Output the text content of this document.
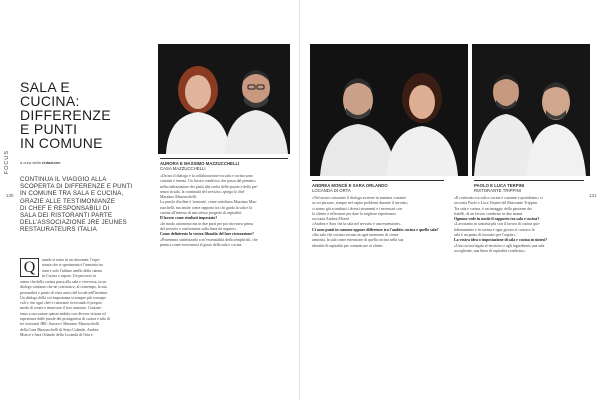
FOCUS
130
SALA E
CUCINA:
DIFFERENZE
E PUNTI
IN COMUNE
a cura della redazione
CONTINUA IL VIAGGIO ALLA
SCOPERTA DI DIFFERENZE E PUNTI
IN COMUNE TRA SALA E CUCINA,
GRAZIE ALLE TESTIMONIANZE
DI CHEF E RESPONSABILI DI
SALA DEI RISTORANTI PARTE
DELL'ASSOCIAZIONE JRE JEUNES
RESTAURATEURS ITALIA
Q	uando si entra in un ristorante, l'espe-
rienza che si sperimenta è l'armonia tra
tanti e solo l'ultimo anello della catena
in Cucina e sapore. Un percorso in
sieme che della cucina passa alla sala e viceversa, in un
dialogo continuo che ne costituisce, al contempo, la sua
personalità e punto di vista unico del locale nell'insieme.
Un dialogo della cui importanza si sempre più consape-
voli e che ogni chef e ristorante ricercando il proprio
modo di creare e rinnovare il loro armonia. Continu-
iamo a raccontare questo ambito con diverse visioni ed
esperienze dalle parole dei protagonisti di cucina e sala di
tre ristoranti JRE: Aurora e Massimo Mazzucchelli
della Casa Mazzucchelli di Sesto Calende, Andrea
Moncé e Sara Orlando della Locanda di Orta e
AURORA E MASSIMO MAZZUCCHELLI
CASA MAZZUCCHELLI
«Da noi il dialogo e la collaborazione tra sala e cucina sono
costanti e intensi. Un lavoro condiviso che passa dal pensiero
nella realizzazione dei piatti alla scelta delle posate e della pre-
senza in sala, la continuità del servizio» spiega lo chef
Massimo Mazzucchelli.
La parola d'ordine è 'armonia', come sottolinea Massimo Maz-
zucchelli, ma anche come rapporto tra chi guida la sala e la
cucina all'interno di uno stesso progetto di ospitalità.
Il lavoro come risultati impostato?
«In modo autonomo ma in due parti per poi ritrovarsi prima
del servizio e confrontarsi sulla linea da seguire».
Come definireste la vostra filosofia del fare ristorazione?
«Potremmo sintetizzarla con 'essenzialità della semplicità', che
punta a come avvicinarsi al gusto della sala e cucina.
131
ANDREA MONCÉ E SARA ORLANDO
LOCANDA DI ORTA
PAOLO E LUCA TERPINI
RISTORANTE TRIPPINI
«Nel nostro ristorante il dialogo avviene in maniera costante
su sei persone, sempre nel capire problemi durante il servizio,
ci siamo già scambiati i dovuti strumenti e i necessari con
la cliente a riflessioni per dare la migliore esperienza»
racconta Andrea Moncé.
«Andrea e Sara che la sala nel servizio è una estensione».
Ci sono punti in comune oppure differenze tra l'ambito cucina e quello sala?
«Sia sala che cucina cercano in ogni momento di creare
armonia, la sala come estensione di quella cucina nella sua
identità di ospitalità per comunicare ai clienti.
«Il confronto tra sala e cucina è costante e quotidiano» ci
racconta Paolo e Luca Terpini del Ristorante Trippini.
Tra sala e cucina, è un omaggio della passione dei
fratelli, di un lavoro condiviso in due anime.
Ognuno vede in modo il rapporto tra sala e cucina?
«Lavoriamo in sintonia più con il lavoro di cucina quo-
tidianamente e in cucina e ogni giorno si conosce la
sala è un punto di incontro per l'ospite».
La vostra idea o impostazione di sala e cucina in sintesi?
«Una cucina legata al territorio e agli ingredienti, una sala
accogliente, una linea di ospitalità condivisa».
